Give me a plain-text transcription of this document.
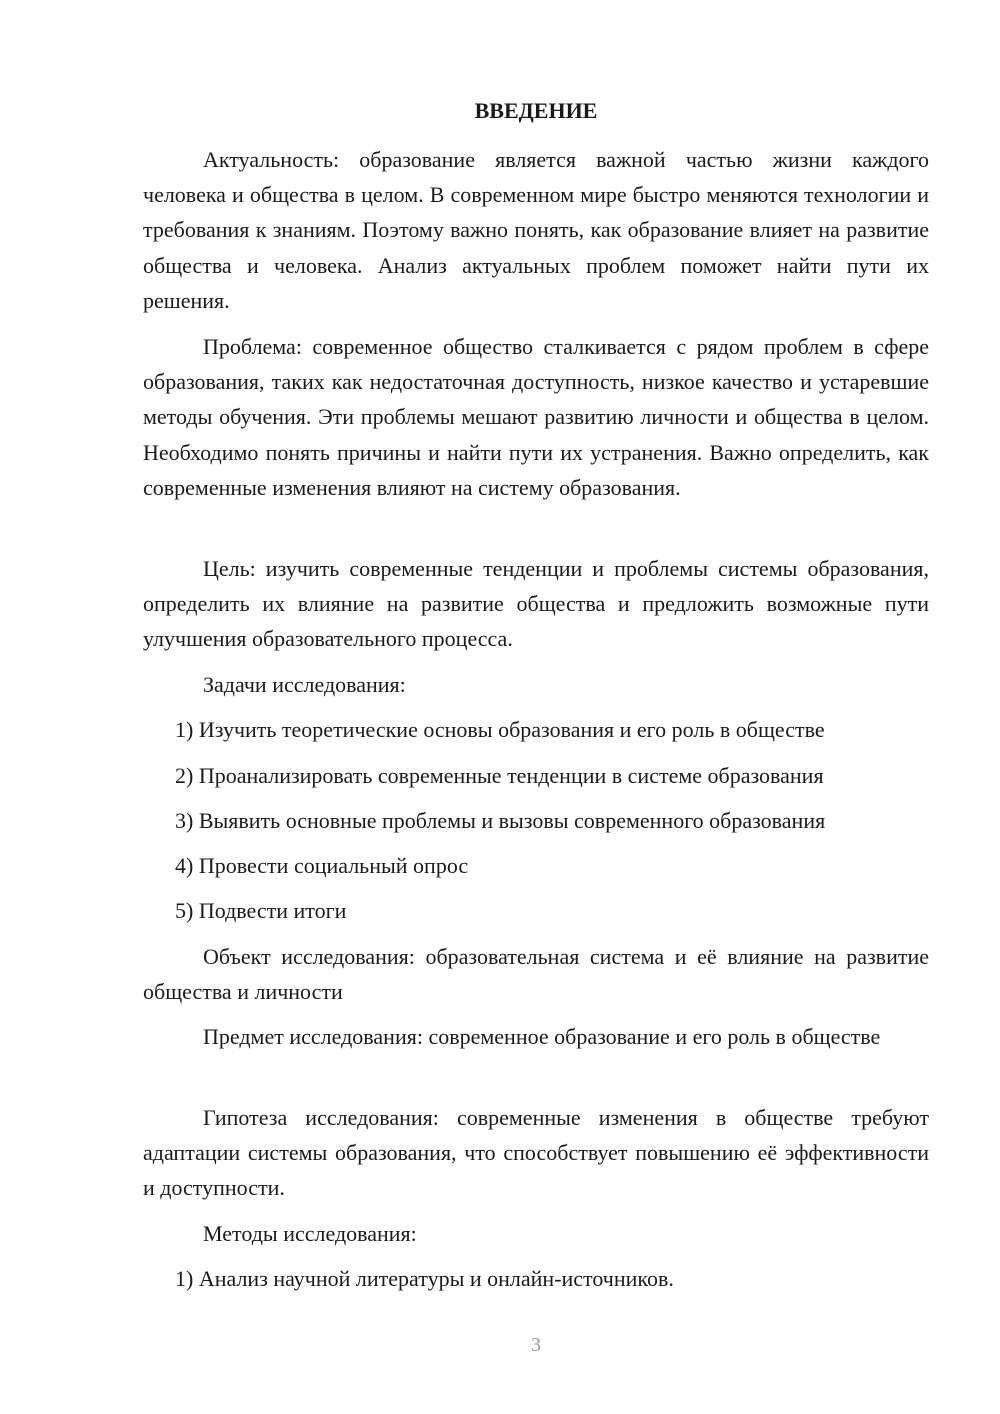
ВВЕДЕНИЕ

Актуальность: образование является важной частью жизни каждого человека и общества в целом. В современном мире быстро меняются технологии и требования к знаниям. Поэтому важно понять, как образование влияет на развитие общества и человека. Анализ актуальных проблем поможет найти пути их решения.

Проблема: современное общество сталкивается с рядом проблем в сфере образования, таких как недостаточная доступность, низкое качество и устаревшие методы обучения. Эти проблемы мешают развитию личности и общества в целом. Необходимо понять причины и найти пути их устранения. Важно определить, как современные изменения влияют на систему образования.

Цель: изучить современные тенденции и проблемы системы образования, определить их влияние на развитие общества и предложить возможные пути улучшения образовательного процесса.

Задачи исследования:

1) Изучить теоретические основы образования и его роль в обществе

2) Проанализировать современные тенденции в системе образования

3) Выявить основные проблемы и вызовы современного образования

4) Провести социальный опрос

5) Подвести итоги

Объект исследования: образовательная система и её влияние на развитие общества и личности

Предмет исследования: современное образование и его роль в обществе

Гипотеза исследования: современные изменения в обществе требуют адаптации системы образования, что способствует повышению её эффективности и доступности.

Методы исследования:

1) Анализ научной литературы и онлайн-источников.

3
